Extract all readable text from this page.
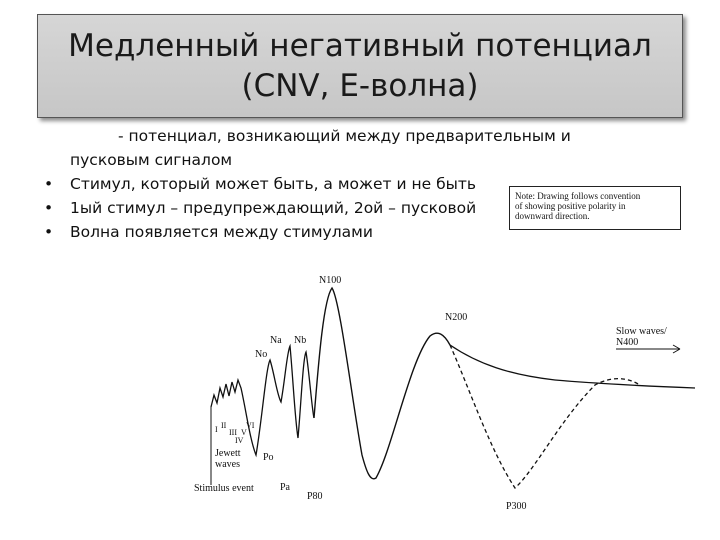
Медленный негативный потенциал
(CNV, E-волна)
- потенциал, возникающий между предварительным и
пусковым сигналом
• Стимул, который может быть, а может и не быть
• 1ый стимул – предупреждающий, 2ой – пусковой
• Волна появляется между стимулами
Note: Drawing follows convention
of showing positive polarity in
downward direction.
N100
N200
P300
P80
Na Nb
No
Po
Pa
Slow waves/
N400
Jewett
waves
Stimulus event
I II
III
IV
V
VI
